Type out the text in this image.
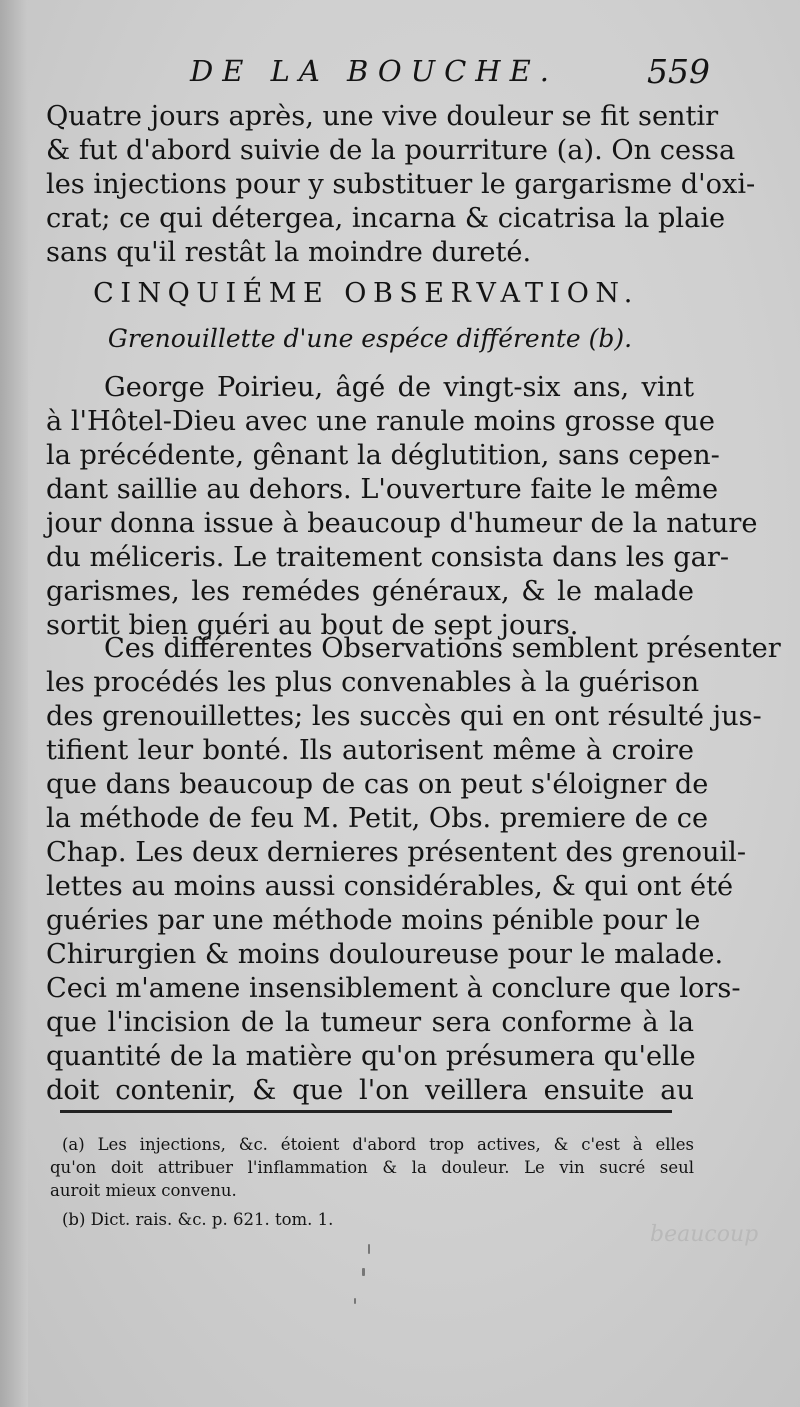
DE LA BOUCHE.	559
Quatre jours après, une vive douleur se fit sentir
& fut d'abord suivie de la pourriture (a). On cessa
les injections pour y substituer le gargarisme d'oxi-
crat; ce qui détergea, incarna & cicatrisa la plaie
sans qu'il restât la moindre dureté.
CINQUIÉME OBSERVATION.
Grenouillette d'une espéce différente (b).
George Poirieu, âgé de vingt-six ans, vint
à l'Hôtel-Dieu avec une ranule moins grosse que
la précédente, gênant la déglutition, sans cepen-
dant saillie au dehors. L'ouverture faite le même
jour donna issue à beaucoup d'humeur de la nature
du méliceris. Le traitement consista dans les gar-
garismes, les remédes généraux, & le malade
sortit bien guéri au bout de sept jours.
Ces différentes Observations semblent présenter
les procédés les plus convenables à la guérison
des grenouillettes; les succès qui en ont résulté jus-
tifient leur bonté. Ils autorisent même à croire
que dans beaucoup de cas on peut s'éloigner de
la méthode de feu M. Petit, Obs. premiere de ce
Chap. Les deux dernieres présentent des grenouil-
lettes au moins aussi considérables, & qui ont été
guéries par une méthode moins pénible pour le
Chirurgien & moins douloureuse pour le malade.
Ceci m'amene insensiblement à conclure que lors-
que l'incision de la tumeur sera conforme à la
quantité de la matière qu'on présumera qu'elle
doit contenir, & que l'on veillera ensuite au
(a) Les injections, &c. étoient d'abord trop actives, & c'est à elles
qu'on doit attribuer l'inflammation & la douleur. Le vin sucré seul
auroit mieux convenu.
(b) Dict. rais. &c. p. 621. tom. 1.
beaucoup
